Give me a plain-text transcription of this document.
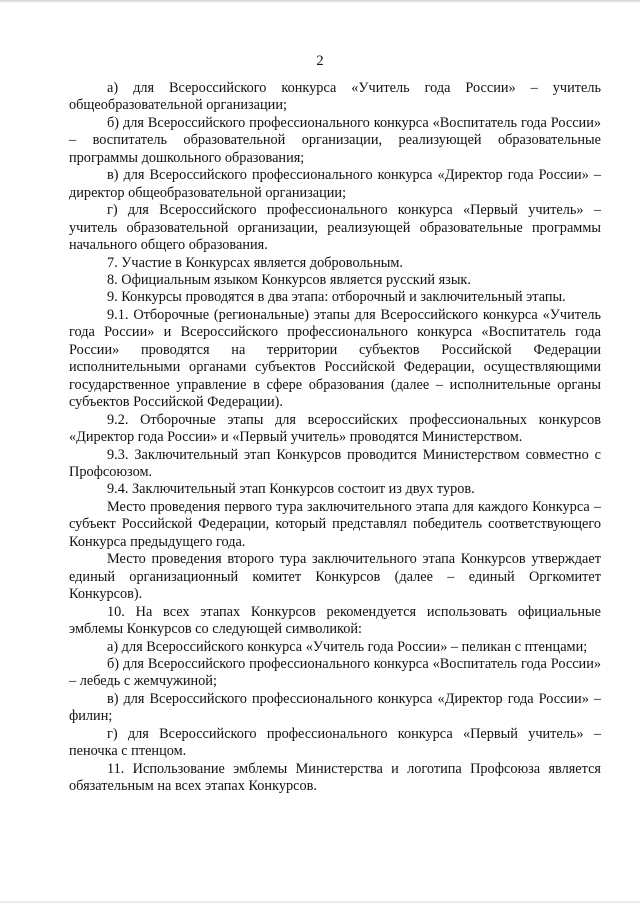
2

а) для Всероссийского конкурса «Учитель года России» – учитель общеобразовательной организации;

б) для Всероссийского профессионального конкурса «Воспитатель года России» – воспитатель образовательной организации, реализующей образовательные программы дошкольного образования;

в) для Всероссийского профессионального конкурса «Директор года России» – директор общеобразовательной организации;

г) для Всероссийского профессионального конкурса «Первый учитель» – учитель образовательной организации, реализующей образовательные программы начального общего образования.

7. Участие в Конкурсах является добровольным.

8. Официальным языком Конкурсов является русский язык.

9. Конкурсы проводятся в два этапа: отборочный и заключительный этапы.

9.1. Отборочные (региональные) этапы для Всероссийского конкурса «Учитель года России» и Всероссийского профессионального конкурса «Воспитатель года России» проводятся на территории субъектов Российской Федерации исполнительными органами субъектов Российской Федерации, осуществляющими государственное управление в сфере образования (далее – исполнительные органы субъектов Российской Федерации).

9.2. Отборочные этапы для всероссийских профессиональных конкурсов «Директор года России» и «Первый учитель» проводятся Министерством.

9.3. Заключительный этап Конкурсов проводится Министерством совместно с Профсоюзом.

9.4. Заключительный этап Конкурсов состоит из двух туров.

Место проведения первого тура заключительного этапа для каждого Конкурса – субъект Российской Федерации, который представлял победитель соответствующего Конкурса предыдущего года.

Место проведения второго тура заключительного этапа Конкурсов утверждает единый организационный комитет Конкурсов (далее – единый Оргкомитет Конкурсов).

10. На всех этапах Конкурсов рекомендуется использовать официальные эмблемы Конкурсов со следующей символикой:

а) для Всероссийского конкурса «Учитель года России» – пеликан с птенцами;

б) для Всероссийского профессионального конкурса «Воспитатель года России» – лебедь с жемчужиной;

в) для Всероссийского профессионального конкурса «Директор года России» – филин;

г) для Всероссийского профессионального конкурса «Первый учитель» – пеночка с птенцом.

11. Использование эмблемы Министерства и логотипа Профсоюза является обязательным на всех этапах Конкурсов.
